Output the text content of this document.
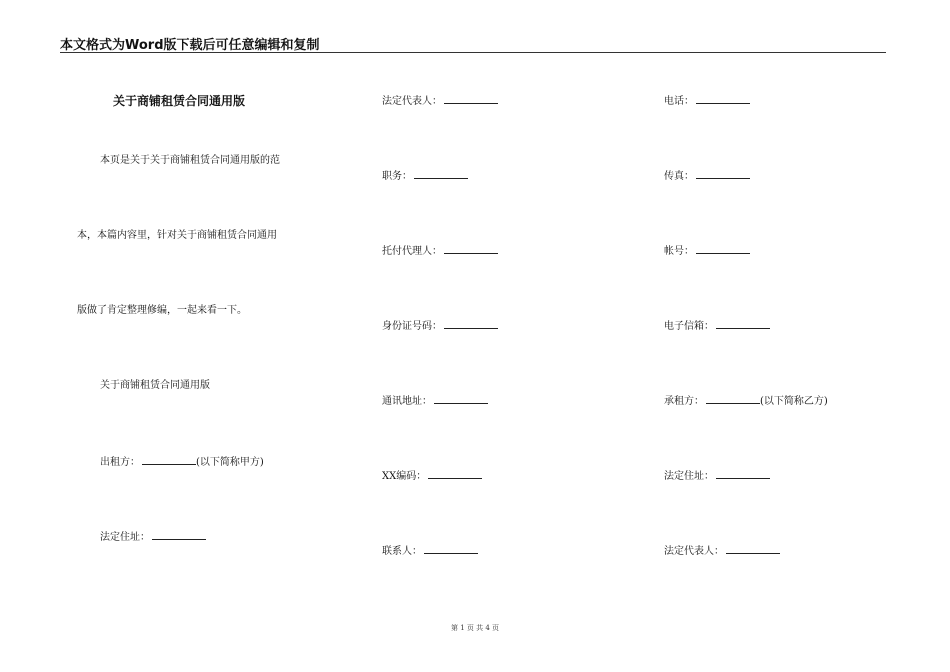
本文格式为Word版下载后可任意编辑和复制
关于商铺租赁合同通用版
本页是关于关于商铺租赁合同通用版的范
本，本篇内容里，针对关于商铺租赁合同通用
版做了肯定整理修编，一起来看一下。
关于商铺租赁合同通用版
出租方：	(以下简称甲方)
法定住址：
法定代表人：
职务：
托付代理人：
身份证号码：
通讯地址：
XX编码：
联系人：
电话：
传真：
帐号：
电子信箱：
承租方：	(以下简称乙方)
法定住址：
法定代表人：
第 1 页 共 4 页
